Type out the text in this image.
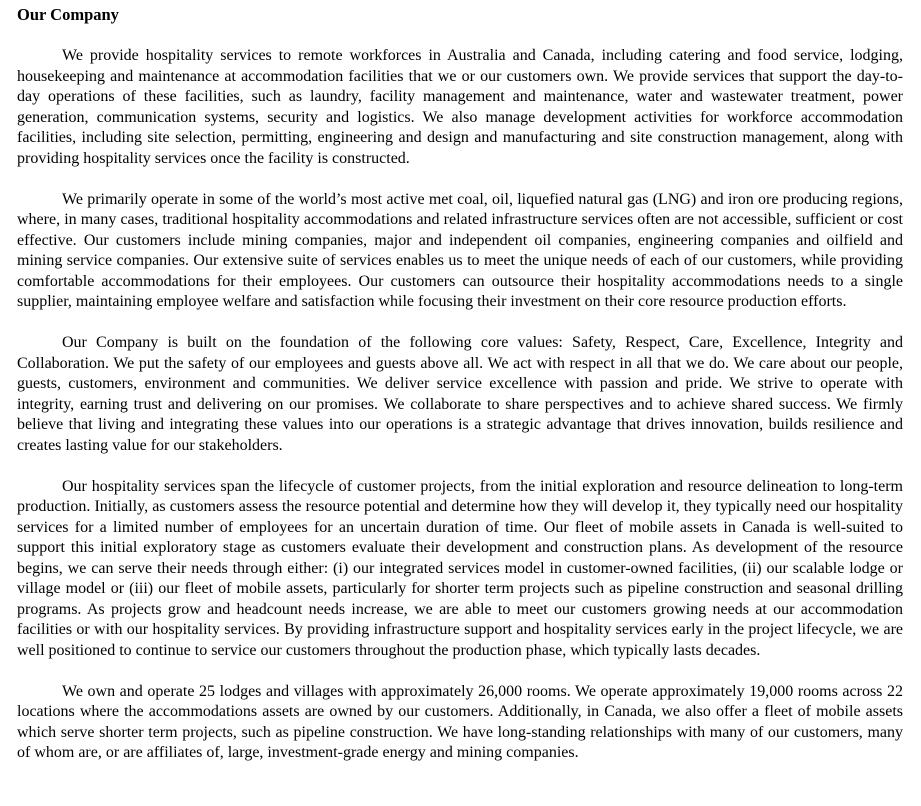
Our Company

We provide hospitality services to remote workforces in Australia and Canada, including catering and food service, lodging, housekeeping and maintenance at accommodation facilities that we or our customers own. We provide services that support the day-to-day operations of these facilities, such as laundry, facility management and maintenance, water and wastewater treatment, power generation, communication systems, security and logistics. We also manage development activities for workforce accommodation facilities, including site selection, permitting, engineering and design and manufacturing and site construction management, along with providing hospitality services once the facility is constructed.

We primarily operate in some of the world’s most active met coal, oil, liquefied natural gas (LNG) and iron ore producing regions, where, in many cases, traditional hospitality accommodations and related infrastructure services often are not accessible, sufficient or cost effective. Our customers include mining companies, major and independent oil companies, engineering companies and oilfield and mining service companies. Our extensive suite of services enables us to meet the unique needs of each of our customers, while providing comfortable accommodations for their employees. Our customers can outsource their hospitality accommodations needs to a single supplier, maintaining employee welfare and satisfaction while focusing their investment on their core resource production efforts.

Our Company is built on the foundation of the following core values: Safety, Respect, Care, Excellence, Integrity and Collaboration. We put the safety of our employees and guests above all. We act with respect in all that we do. We care about our people, guests, customers, environment and communities. We deliver service excellence with passion and pride. We strive to operate with integrity, earning trust and delivering on our promises. We collaborate to share perspectives and to achieve shared success. We firmly believe that living and integrating these values into our operations is a strategic advantage that drives innovation, builds resilience and creates lasting value for our stakeholders.

Our hospitality services span the lifecycle of customer projects, from the initial exploration and resource delineation to long-term production. Initially, as customers assess the resource potential and determine how they will develop it, they typically need our hospitality services for a limited number of employees for an uncertain duration of time. Our fleet of mobile assets in Canada is well-suited to support this initial exploratory stage as customers evaluate their development and construction plans. As development of the resource begins, we can serve their needs through either: (i) our integrated services model in customer-owned facilities, (ii) our scalable lodge or village model or (iii) our fleet of mobile assets, particularly for shorter term projects such as pipeline construction and seasonal drilling programs. As projects grow and headcount needs increase, we are able to meet our customers growing needs at our accommodation facilities or with our hospitality services. By providing infrastructure support and hospitality services early in the project lifecycle, we are well positioned to continue to service our customers throughout the production phase, which typically lasts decades.

We own and operate 25 lodges and villages with approximately 26,000 rooms. We operate approximately 19,000 rooms across 22 locations where the accommodations assets are owned by our customers. Additionally, in Canada, we also offer a fleet of mobile assets which serve shorter term projects, such as pipeline construction. We have long-standing relationships with many of our customers, many of whom are, or are affiliates of, large, investment-grade energy and mining companies.
